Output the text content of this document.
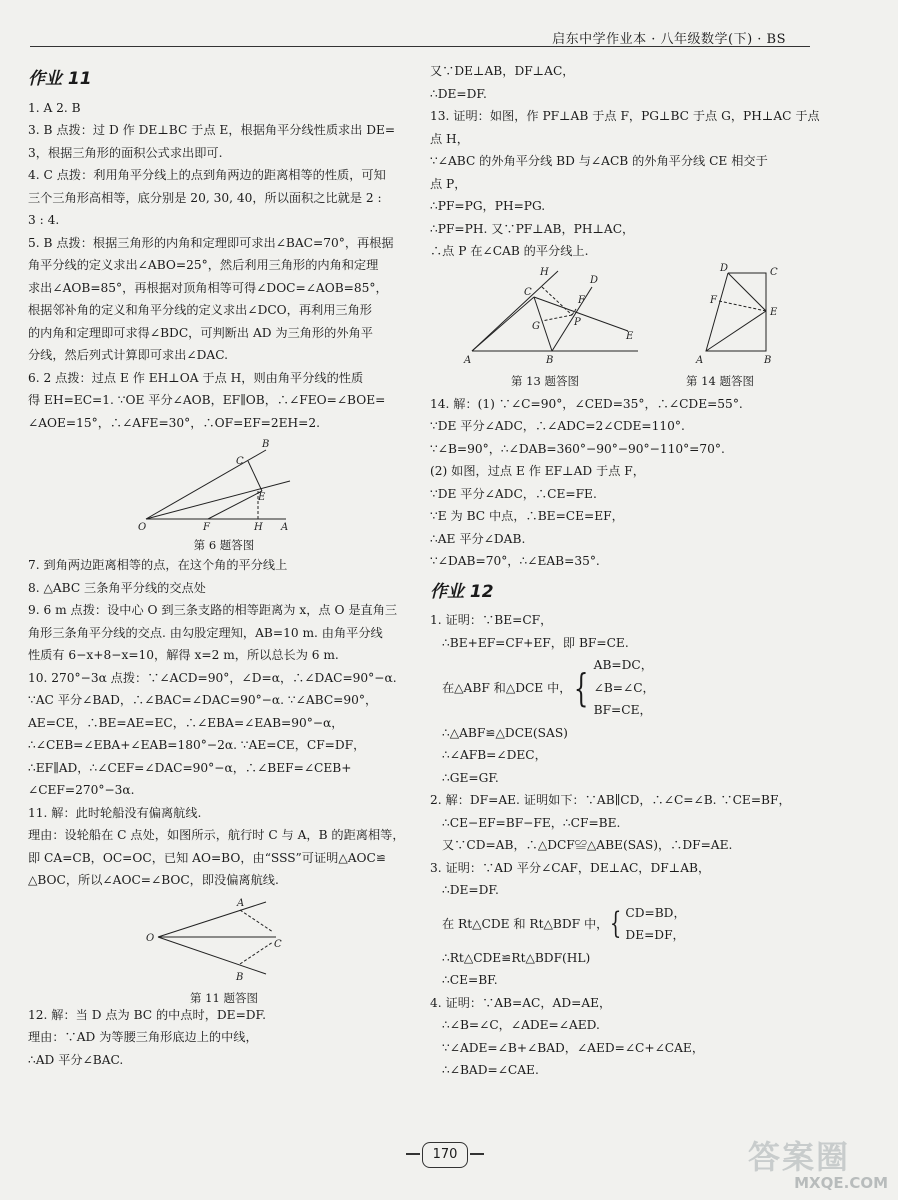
启东中学作业本 · 八年级数学(下) · BS
作业 11
1. A 2. B
3. B 点拨：过 D 作 DE⊥BC 于点 E，根据角平分线性质求出 DE=
3，根据三角形的面积公式求出即可.
4. C 点拨：利用角平分线上的点到角两边的距离相等的性质，可知
三个三角形高相等，底分别是 20, 30, 40，所以面积之比就是 2 :
3 : 4.
5. B 点拨：根据三角形的内角和定理即可求出∠BAC=70°，再根据
角平分线的定义求出∠ABO=25°，然后利用三角形的内角和定理
求出∠AOB=85°，再根据对顶角相等可得∠DOC=∠AOB=85°，
根据邻补角的定义和角平分线的定义求出∠DCO，再利用三角形
的内角和定理即可求得∠BDC，可判断出 AD 为三角形的外角平
分线，然后列式计算即可求出∠DAC.
6. 2 点拨：过点 E 作 EH⊥OA 于点 H，则由角平分线的性质
得 EH=EC=1. ∵OE 平分∠AOB，EF∥OB，∴∠FEO=∠BOE=
∠AOE=15°，∴∠AFE=30°，∴OF=EF=2EH=2.
B
C
E
O	F	H A
第 6 题答图
7. 到角两边距离相等的点，在这个角的平分线上
8. △ABC 三条角平分线的交点处
9. 6 m 点拨：设中心 O 到三条支路的相等距离为 x，点 O 是直角三
角形三条角平分线的交点. 由勾股定理知，AB=10 m. 由角平分线
性质有 6−x+8−x=10，解得 x=2 m，所以总长为 6 m.
10. 270°−3α 点拨：∵∠ACD=90°，∠D=α，∴∠DAC=90°−α.
∵AC 平分∠BAD，∴∠BAC=∠DAC=90°−α. ∵∠ABC=90°，
AE=CE，∴BE=AE=EC，∴∠EBA=∠EAB=90°−α，
∴∠CEB=∠EBA+∠EAB=180°−2α. ∵AE=CE，CF=DF，
∴EF∥AD，∴∠CEF=∠DAC=90°−α，∴∠BEF=∠CEB+
∠CEF=270°−3α.
11. 解：此时轮船没有偏离航线.
理由：设轮船在 C 点处，如图所示，航行时 C 与 A，B 的距离相等，
即 CA=CB，OC=OC，已知 AO=BO，由“SSS”可证明△AOC≌
△BOC，所以∠AOC=∠BOC，即没偏离航线.
A
O
C
B
第 11 题答图
12. 解：当 D 点为 BC 的中点时，DE=DF.
理由：∵AD 为等腰三角形底边上的中线，
∴AD 平分∠BAC.
又∵DE⊥AB，DF⊥AC，
∴DE=DF.
13. 证明：如图，作 PF⊥AB 于点 F，PG⊥BC 于点 G，PH⊥AC 于点
点 H，
∵∠ABC 的外角平分线 BD 与∠ACB 的外角平分线 CE 相交于
点 P，
∴PF=PG，PH=PG.
∴PF=PH. 又∵PF⊥AB，PH⊥AC，
∴点 P 在∠CAB 的平分线上.
H
D
C
F
G	P
E
A	B
D	C
F
E
A	B
第 13 题答图	第 14 题答图
14. 解：(1) ∵∠C=90°，∠CED=35°，∴∠CDE=55°.
∵DE 平分∠ADC，∴∠ADC=2∠CDE=110°.
∵∠B=90°，∴∠DAB=360°−90°−90°−110°=70°.
(2) 如图，过点 E 作 EF⊥AD 于点 F，
∵DE 平分∠ADC，∴CE=FE.
∵E 为 BC 中点，∴BE=CE=EF，
∴AE 平分∠DAB.
∵∠DAB=70°，∴∠EAB=35°.
作业 12
1. 证明：∵BE=CF，
∴BE+EF=CF+EF，即 BF=CE.
在△ABF 和△DCE 中， {
AB=DC，
∠B=∠C，
BF=CE，
∴△ABF≌△DCE(SAS)
∴∠AFB=∠DEC，
∴GE=GF.
2. 解：DF=AE. 证明如下：∵AB∥CD，∴∠C=∠B. ∵CE=BF，
∴CE−EF=BF−FE，∴CF=BE.
又∵CD=AB，∴△DCF≌△ABE(SAS)，∴DF=AE.
3. 证明：∵AD 平分∠CAF，DE⊥AC，DF⊥AB，
∴DE=DF.
在 Rt△CDE 和 Rt△BDF 中， { CD=BD，
DE=DF，
∴Rt△CDE≌Rt△BDF(HL)
∴CE=BF.
4. 证明：∵AB=AC，AD=AE，
∴∠B=∠C，∠ADE=∠AED.
∵∠ADE=∠B+∠BAD，∠AED=∠C+∠CAE，
∴∠BAD=∠CAE.
170	答案圈
MXQE.COM
